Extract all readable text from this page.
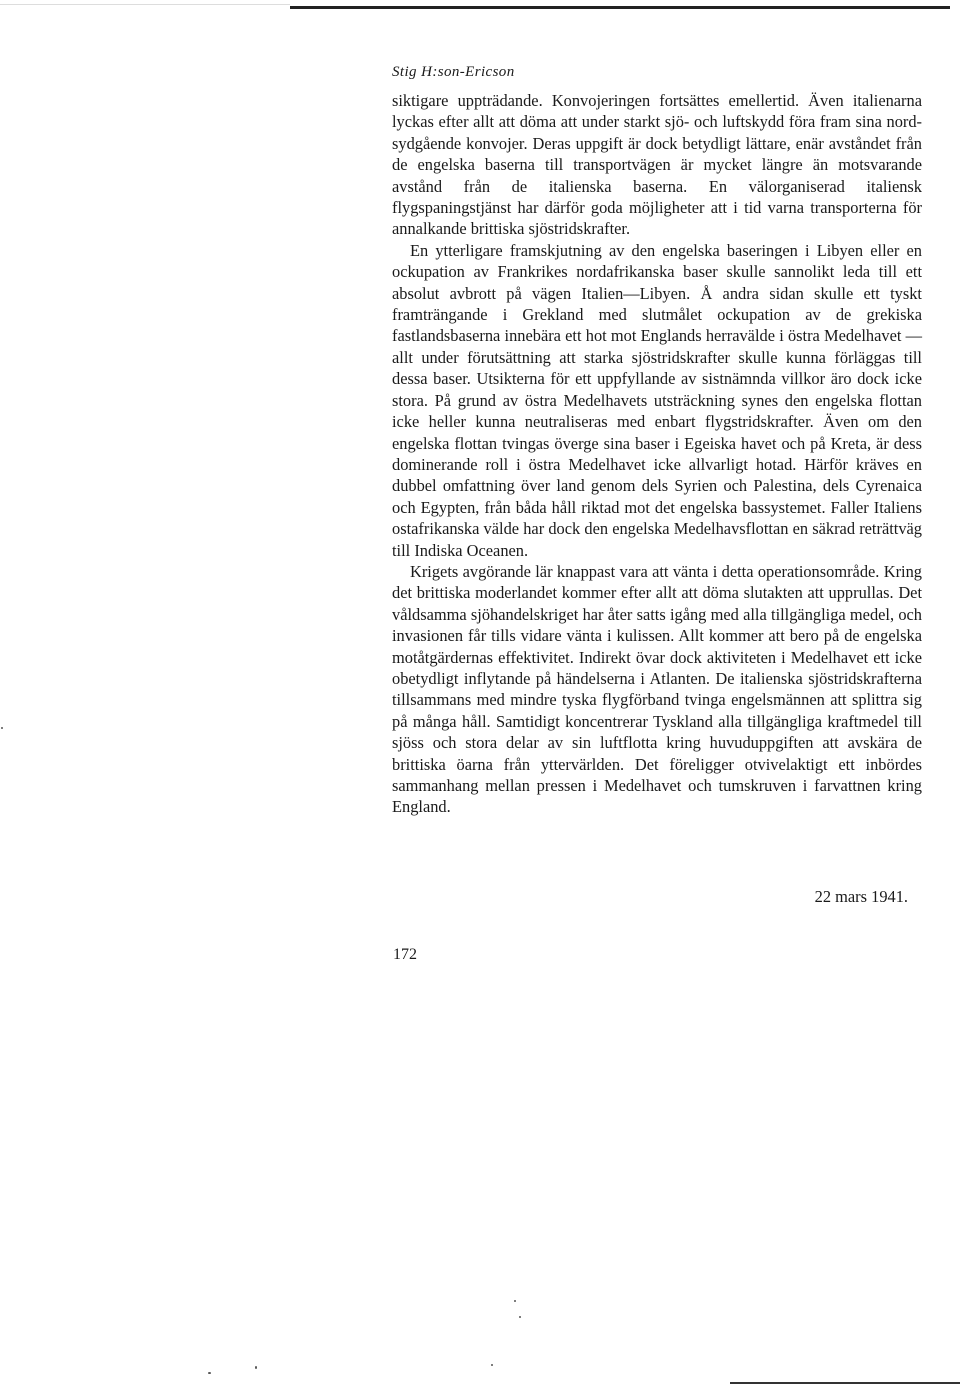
Stig H:son-Ericson

siktigare uppträdande. Konvojeringen fortsättes emellertid. Även italienarna lyckas efter allt att döma att under starkt sjö- och luftskydd föra fram sina nord-sydgående konvojer. Deras uppgift är dock betydligt lättare, enär avståndet från de engelska baserna till transportvägen är mycket längre än motsvarande avstånd från de italienska baserna. En välorganiserad italiensk flygspaningstjänst har därför goda möjligheter att i tid varna transporterna för annalkande brittiska sjöstridskrafter.

En ytterligare framskjutning av den engelska baseringen i Libyen eller en ockupation av Frankrikes nordafrikanska baser skulle sannolikt leda till ett absolut avbrott på vägen Italien—Libyen. Å andra sidan skulle ett tyskt framträngande i Grekland med slutmålet ockupation av de grekiska fastlandsbaserna innebära ett hot mot Englands herravälde i östra Medelhavet — allt under förutsättning att starka sjöstridskrafter skulle kunna förläggas till dessa baser. Utsikterna för ett uppfyllande av sistnämnda villkor äro dock icke stora. På grund av östra Medelhavets utsträckning synes den engelska flottan icke heller kunna neutraliseras med enbart flygstridskrafter. Även om den engelska flottan tvingas överge sina baser i Egeiska havet och på Kreta, är dess dominerande roll i östra Medelhavet icke allvarligt hotad. Härför kräves en dubbel omfattning över land genom dels Syrien och Palestina, dels Cyrenaica och Egypten, från båda håll riktad mot det engelska bassystemet. Faller Italiens ostafrikanska välde har dock den engelska Medelhavsflottan en säkrad reträttväg till Indiska Oceanen.

Krigets avgörande lär knappast vara att vänta i detta operationsområde. Kring det brittiska moderlandet kommer efter allt att döma slutakten att upprullas. Det våldsamma sjöhandelskriget har åter satts igång med alla tillgängliga medel, och invasionen får tills vidare vänta i kulissen. Allt kommer att bero på de engelska motåtgärdernas effektivitet. Indirekt övar dock aktiviteten i Medelhavet ett icke obetydligt inflytande på händelserna i Atlanten. De italienska sjöstridskrafterna tillsammans med mindre tyska flygförband tvinga engelsmännen att splittra sig på många håll. Samtidigt koncentrerar Tyskland alla tillgängliga kraftmedel till sjöss och stora delar av sin luftflotta kring huvuduppgiften att avskära de brittiska öarna från yttervärlden. Det föreligger otvivelaktigt ett inbördes sammanhang mellan pressen i Medelhavet och tumskruven i farvattnen kring England.

22 mars 1941.
172
